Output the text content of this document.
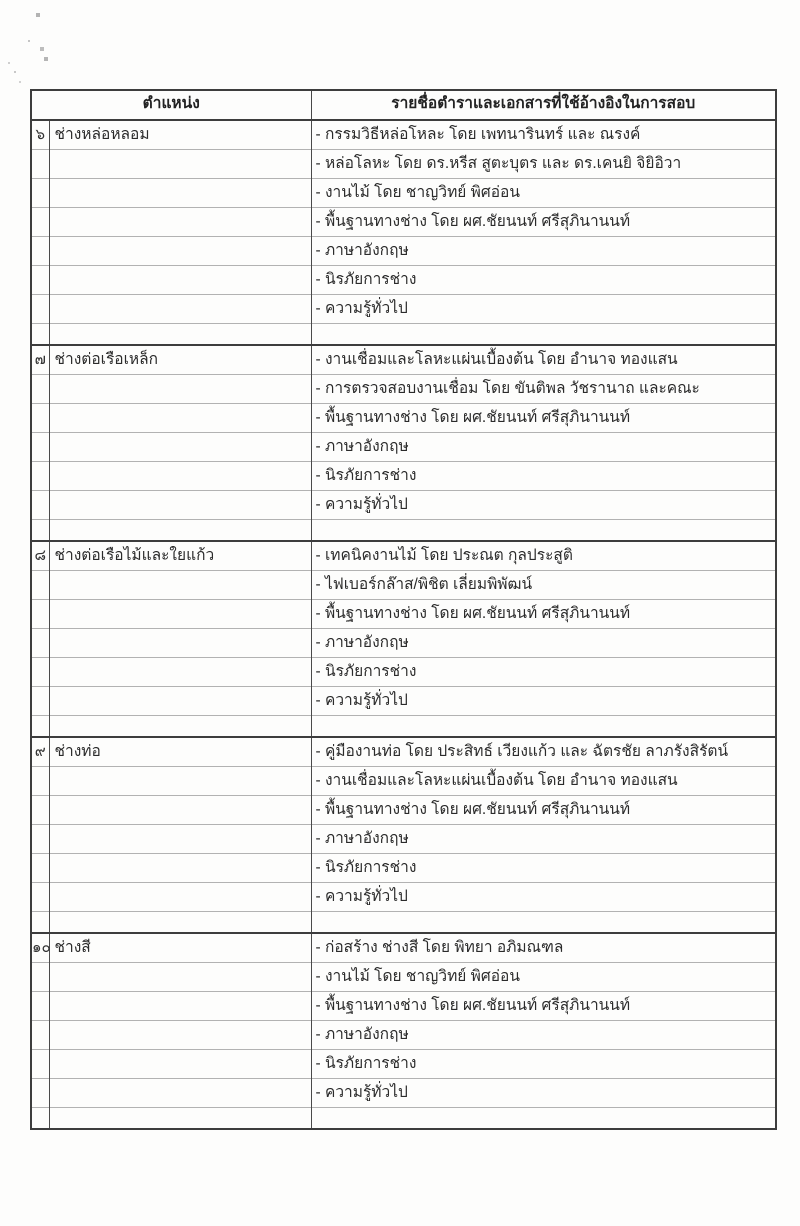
ตำแหน่ง		รายชื่อตำราและเอกสารที่ใช้อ้างอิงในการสอบ
๖	ช่างหล่อหลอม	- กรรมวิธีหล่อโหละ โดย เพทนารินทร์ และ ณรงค์
		- หล่อโลหะ โดย ดร.หรีส สูตะบุตร และ ดร.เคนยิ จิยิอิวา
		- งานไม้ โดย ชาญวิทย์ พิศอ่อน
		- พื้นฐานทางช่าง โดย ผศ.ชัยนนท์ ศรีสุภินานนท์
		- ภาษาอังกฤษ
		- นิรภัยการช่าง
		- ความรู้ทั่วไป

๗	ช่างต่อเรือเหล็ก	- งานเชื่อมและโลหะแผ่นเบื้องต้น โดย อำนาจ ทองแสน
		- การตรวจสอบงานเชื่อม โดย ขันติพล วัชรานาถ และคณะ
		- พื้นฐานทางช่าง โดย ผศ.ชัยนนท์ ศรีสุภินานนท์
		- ภาษาอังกฤษ
		- นิรภัยการช่าง
		- ความรู้ทั่วไป

๘	ช่างต่อเรือไม้และใยแก้ว	- เทคนิคงานไม้ โดย ประณต กุลประสูติ
		- ไฟเบอร์กล๊าส/พิชิต เลี่ยมพิพัฒน์
		- พื้นฐานทางช่าง โดย ผศ.ชัยนนท์ ศรีสุภินานนท์
		- ภาษาอังกฤษ
		- นิรภัยการช่าง
		- ความรู้ทั่วไป

๙	ช่างท่อ	- คู่มืองานท่อ โดย ประสิทธ์ เวียงแก้ว และ ฉัตรชัย ลาภรังสิรัตน์
		- งานเชื่อมและโลหะแผ่นเบื้องต้น โดย อำนาจ ทองแสน
		- พื้นฐานทางช่าง โดย ผศ.ชัยนนท์ ศรีสุภินานนท์
		- ภาษาอังกฤษ
		- นิรภัยการช่าง
		- ความรู้ทั่วไป

๑๐	ช่างสี	- ก่อสร้าง ช่างสี โดย พิทยา อภิมณฑล
		- งานไม้ โดย ชาญวิทย์ พิศอ่อน
		- พื้นฐานทางช่าง โดย ผศ.ชัยนนท์ ศรีสุภินานนท์
		- ภาษาอังกฤษ
		- นิรภัยการช่าง
		- ความรู้ทั่วไป
